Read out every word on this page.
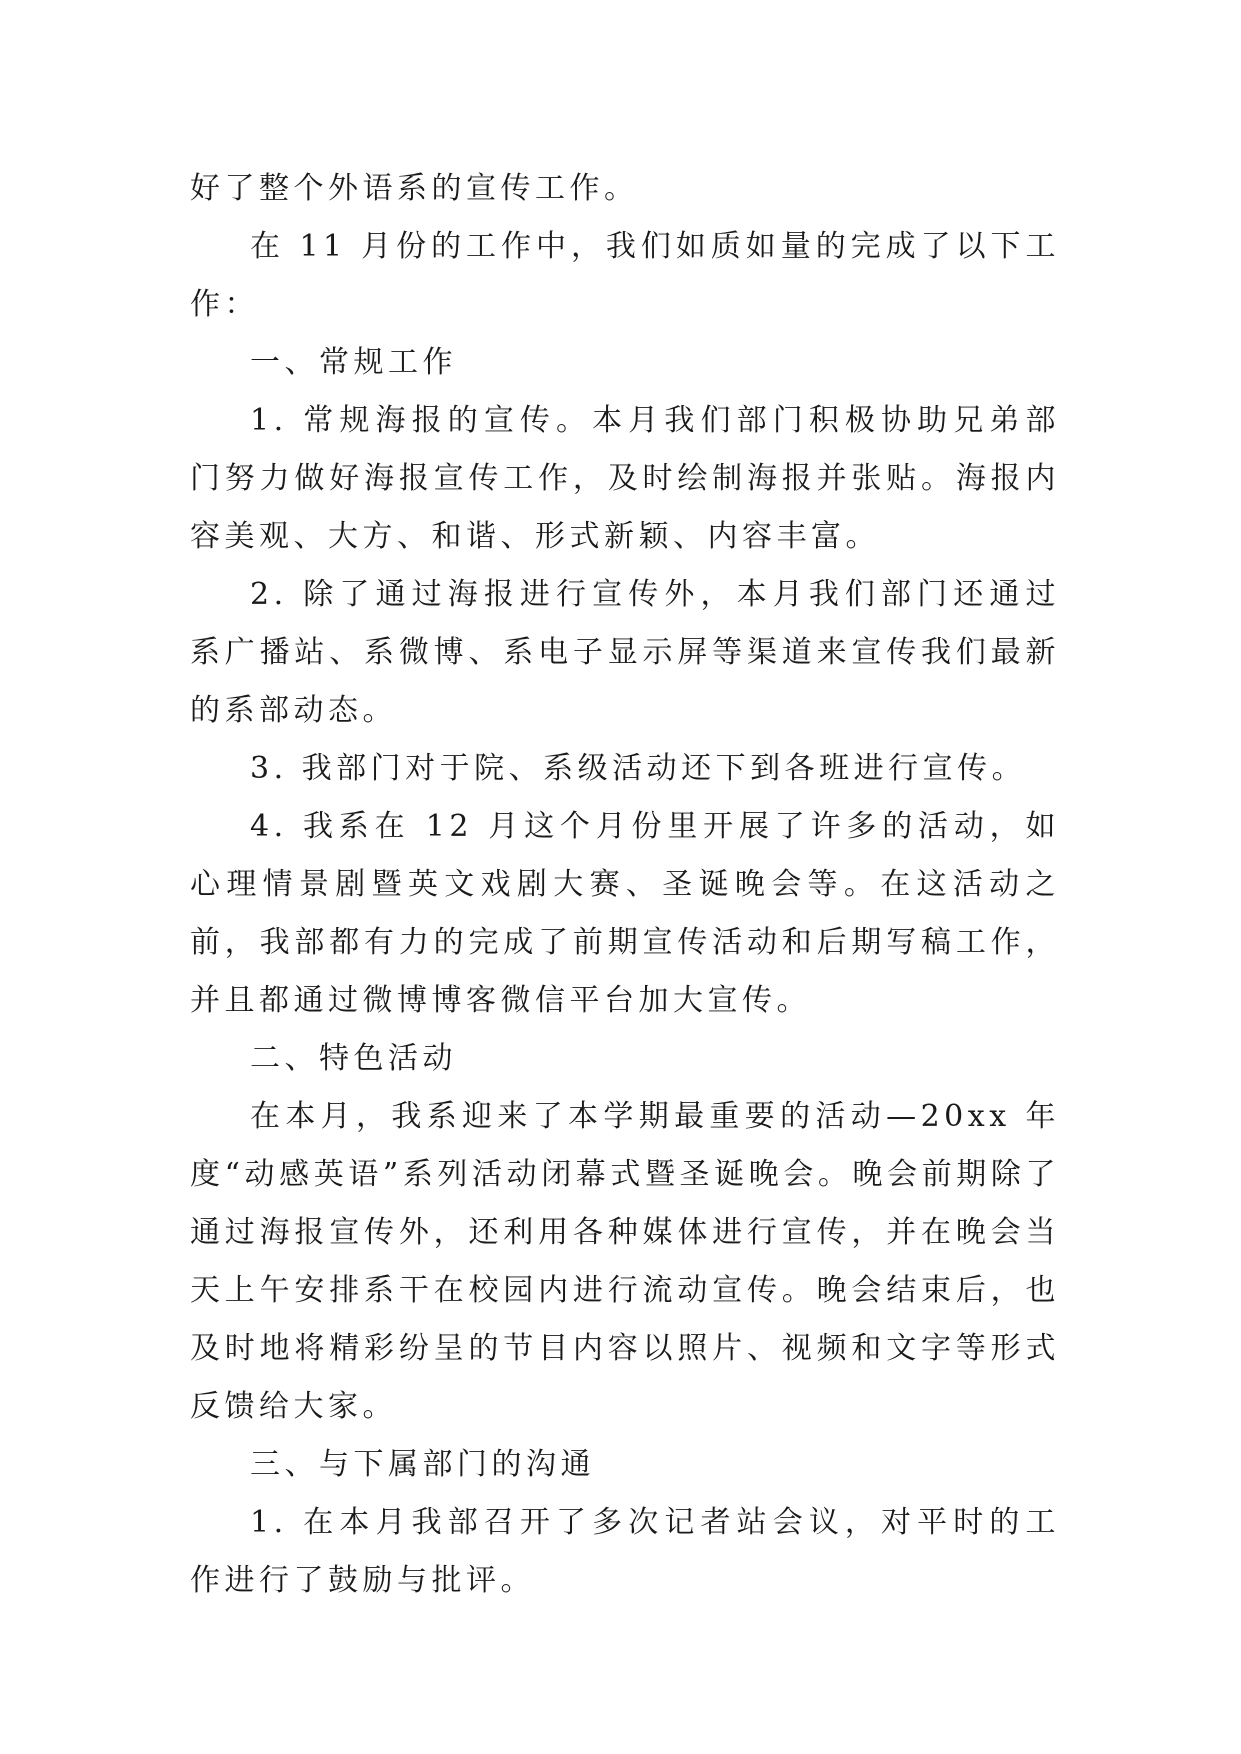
好了整个外语系的宣传工作。

在 11 月份的工作中，我们如质如量的完成了以下工作：

一、常规工作

1. 常规海报的宣传。本月我们部门积极协助兄弟部门努力做好海报宣传工作，及时绘制海报并张贴。海报内容美观、大方、和谐、形式新颖、内容丰富。

2. 除了通过海报进行宣传外，本月我们部门还通过系广播站、系微博、系电子显示屏等渠道来宣传我们最新的系部动态。

3. 我部门对于院、系级活动还下到各班进行宣传。

4. 我系在 12 月这个月份里开展了许多的活动，如心理情景剧暨英文戏剧大赛、圣诞晚会等。在这活动之前，我部都有力的完成了前期宣传活动和后期写稿工作，并且都通过微博博客微信平台加大宣传。

二、特色活动

在本月，我系迎来了本学期最重要的活动—20xx 年度“动感英语”系列活动闭幕式暨圣诞晚会。晚会前期除了通过海报宣传外，还利用各种媒体进行宣传，并在晚会当天上午安排系干在校园内进行流动宣传。晚会结束后，也及时地将精彩纷呈的节目内容以照片、视频和文字等形式反馈给大家。

三、与下属部门的沟通

1. 在本月我部召开了多次记者站会议，对平时的工作进行了鼓励与批评。
